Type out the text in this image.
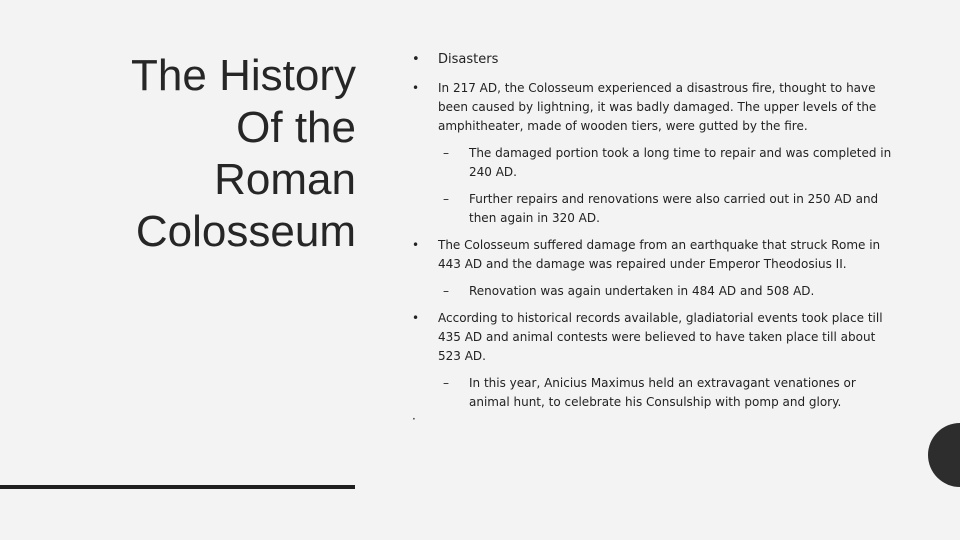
The History
Of the
Roman
Colosseum
•	Disasters
•	In 217 AD, the Colosseum experienced a disastrous fire, thought to have been caused by lightning, it was badly damaged. The upper levels of the amphitheater, made of wooden tiers, were gutted by the fire.
–	The damaged portion took a long time to repair and was completed in 240 AD.
–	Further repairs and renovations were also carried out in 250 AD and then again in 320 AD.
•	The Colosseum suffered damage from an earthquake that struck Rome in 443 AD and the damage was repaired under Emperor Theodosius II.
–	Renovation was again undertaken in 484 AD and 508 AD.
•	According to historical records available, gladiatorial events took place till 435 AD and animal contests were believed to have taken place till about 523 AD.
–	In this year, Anicius Maximus held an extravagant venationes or animal hunt, to celebrate his Consulship with pomp and glory.
·
